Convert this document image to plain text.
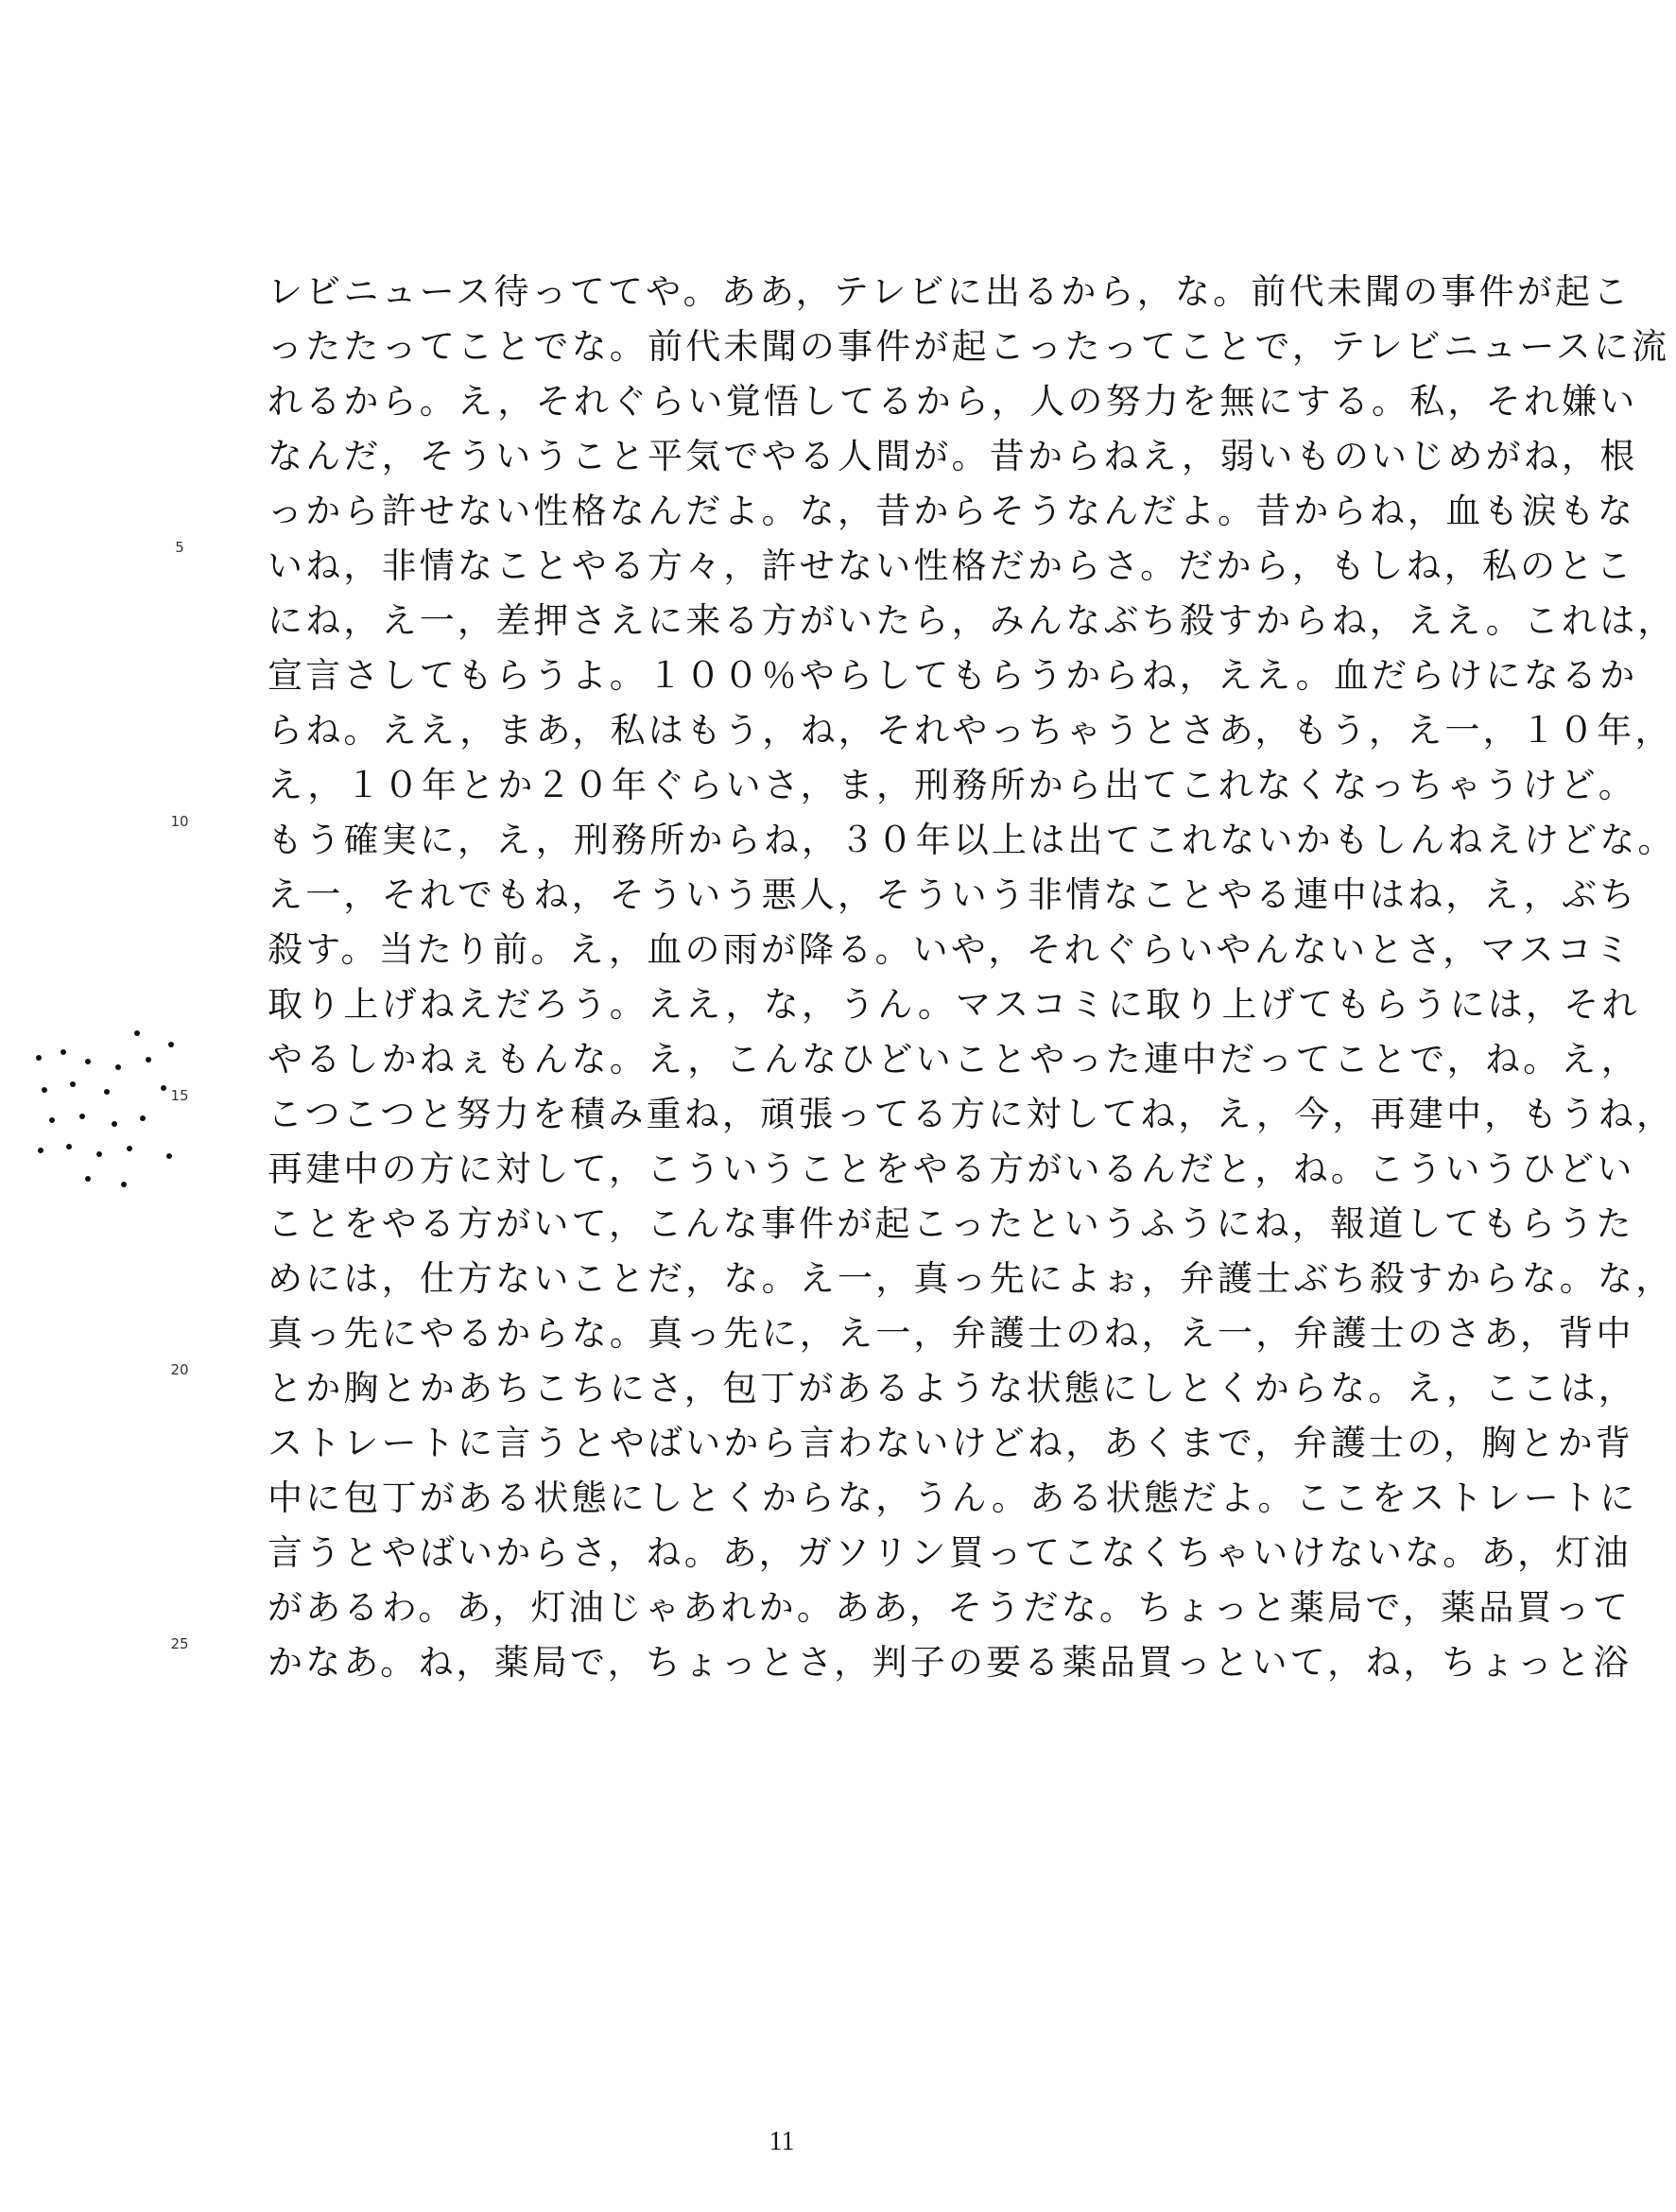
5
10
15
20
25
レビニュース待っててや。ああ，テレビに出るから，な。前代未聞の事件が起こ
ったたってことでな。前代未聞の事件が起こったってことで，テレビニュースに流
れるから。え，それぐらい覚悟してるから，人の努力を無にする。私，それ嫌い
なんだ，そういうこと平気でやる人間が。昔からねえ，弱いものいじめがね，根
っから許せない性格なんだよ。な，昔からそうなんだよ。昔からね，血も涙もな
いね，非情なことやる方々，許せない性格だからさ。だから，もしね，私のとこ
にね，え一，差押さえに来る方がいたら，みんなぶち殺すからね，ええ。これは，
宣言さしてもらうよ。１００％やらしてもらうからね，ええ。血だらけになるか
らね。ええ，まあ，私はもう，ね，それやっちゃうとさあ，もう，え一，１０年，
え，１０年とか２０年ぐらいさ，ま，刑務所から出てこれなくなっちゃうけど。
もう確実に，え，刑務所からね，３０年以上は出てこれないかもしんねえけどな。
え一，それでもね，そういう悪人，そういう非情なことやる連中はね，え，ぶち
殺す。当たり前。え，血の雨が降る。いや，それぐらいやんないとさ，マスコミ
取り上げねえだろう。ええ，な，うん。マスコミに取り上げてもらうには，それ
やるしかねぇもんな。え，こんなひどいことやった連中だってことで，ね。え，
こつこつと努力を積み重ね，頑張ってる方に対してね，え，今，再建中，もうね，
再建中の方に対して，こういうことをやる方がいるんだと，ね。こういうひどい
ことをやる方がいて，こんな事件が起こったというふうにね，報道してもらうた
めには，仕方ないことだ，な。え一，真っ先によぉ，弁護士ぶち殺すからな。な，
真っ先にやるからな。真っ先に，え一，弁護士のね，え一，弁護士のさあ，背中
とか胸とかあちこちにさ，包丁があるような状態にしとくからな。え，ここは，
ストレートに言うとやばいから言わないけどね，あくまで，弁護士の，胸とか背
中に包丁がある状態にしとくからな，うん。ある状態だよ。ここをストレートに
言うとやばいからさ，ね。あ，ガソリン買ってこなくちゃいけないな。あ，灯油
があるわ。あ，灯油じゃあれか。ああ，そうだな。ちょっと薬局で，薬品買って
かなあ。ね，薬局で，ちょっとさ，判子の要る薬品買っといて，ね，ちょっと浴
11
